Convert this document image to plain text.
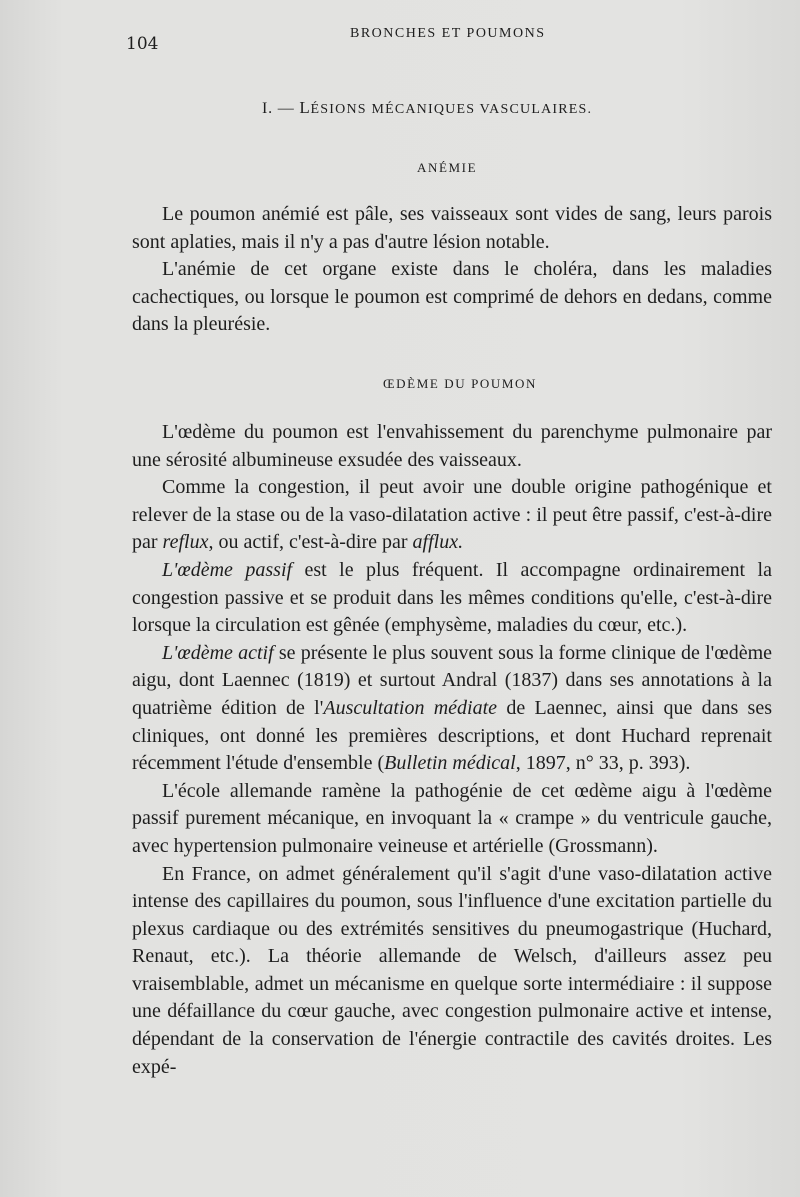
104
BRONCHES ET POUMONS
I. — LÉSIONS MÉCANIQUES VASCULAIRES.
ANÉMIE

Le poumon anémié est pâle, ses vaisseaux sont vides de sang, leurs parois sont aplaties, mais il n'y a pas d'autre lésion notable.

L'anémie de cet organe existe dans le choléra, dans les maladies cachectiques, ou lorsque le poumon est comprimé de dehors en dedans, comme dans la pleurésie.

ŒDÈME DU POUMON

L'œdème du poumon est l'envahissement du parenchyme pulmonaire par une sérosité albumineuse exsudée des vaisseaux.

Comme la congestion, il peut avoir une double origine pathogénique et relever de la stase ou de la vaso-dilatation active : il peut être passif, c'est-à-dire par reflux, ou actif, c'est-à-dire par afflux.

L'œdème passif est le plus fréquent. Il accompagne ordinairement la congestion passive et se produit dans les mêmes conditions qu'elle, c'est-à-dire lorsque la circulation est gênée (emphysème, maladies du cœur, etc.).

L'œdème actif se présente le plus souvent sous la forme clinique de l'œdème aigu, dont Laennec (1819) et surtout Andral (1837) dans ses annotations à la quatrième édition de l'Auscultation médiate de Laennec, ainsi que dans ses cliniques, ont donné les premières descriptions, et dont Huchard reprenait récemment l'étude d'ensemble (Bulletin médical, 1897, n° 33, p. 393).

L'école allemande ramène la pathogénie de cet œdème aigu à l'œdème passif purement mécanique, en invoquant la « crampe » du ventricule gauche, avec hypertension pulmonaire veineuse et artérielle (Grossmann).

En France, on admet généralement qu'il s'agit d'une vaso-dilatation active intense des capillaires du poumon, sous l'influence d'une excitation partielle du plexus cardiaque ou des extrémités sensitives du pneumogastrique (Huchard, Renaut, etc.). La théorie allemande de Welsch, d'ailleurs assez peu vraisemblable, admet un mécanisme en quelque sorte intermédiaire : il suppose une défaillance du cœur gauche, avec congestion pulmonaire active et intense, dépendant de la conservation de l'énergie contractile des cavités droites. Les expé-
